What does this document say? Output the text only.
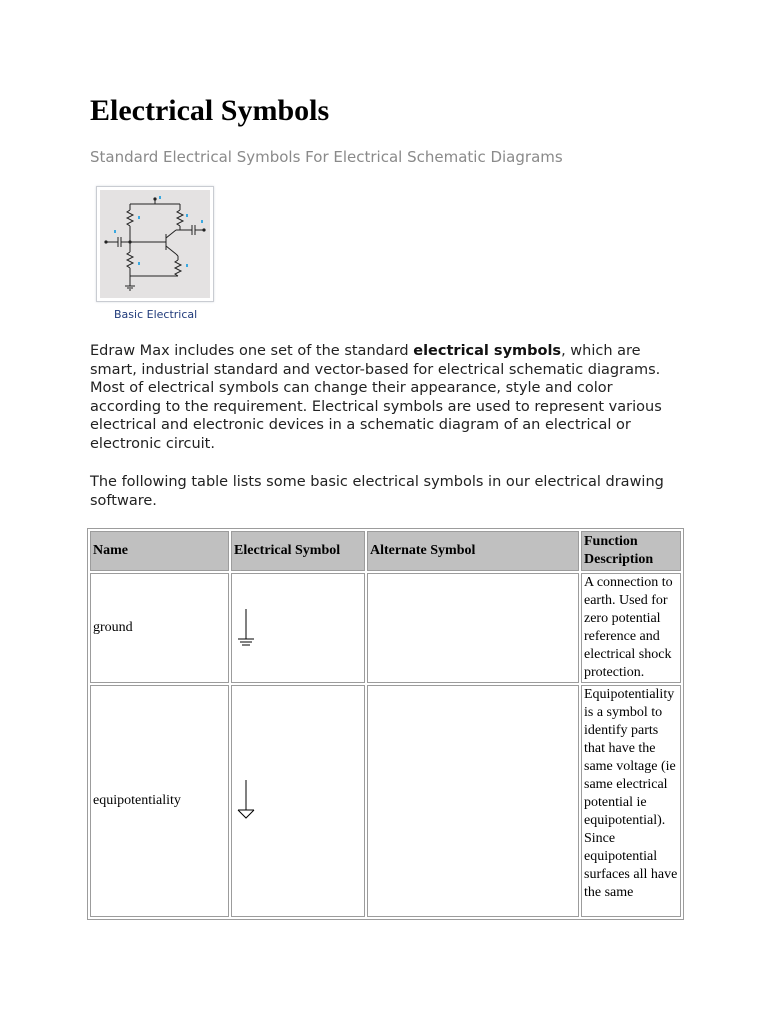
Electrical Symbols

Standard Electrical Symbols For Electrical Schematic Diagrams

Basic Electrical

Edraw Max includes one set of the standard electrical symbols, which are smart, industrial standard and vector-based for electrical schematic diagrams. Most of electrical symbols can change their appearance, style and color according to the requirement. Electrical symbols are used to represent various electrical and electronic devices in a schematic diagram of an electrical or electronic circuit.

The following table lists some basic electrical symbols in our electrical drawing software.

Name	Electrical Symbol	Alternate Symbol	Function Description
ground			A connection to earth. Used for zero potential reference and electrical shock protection.
equipotentiality			Equipotentiality is a symbol to identify parts that have the same voltage (ie same electrical potential ie equipotential). Since equipotential surfaces all have the same
